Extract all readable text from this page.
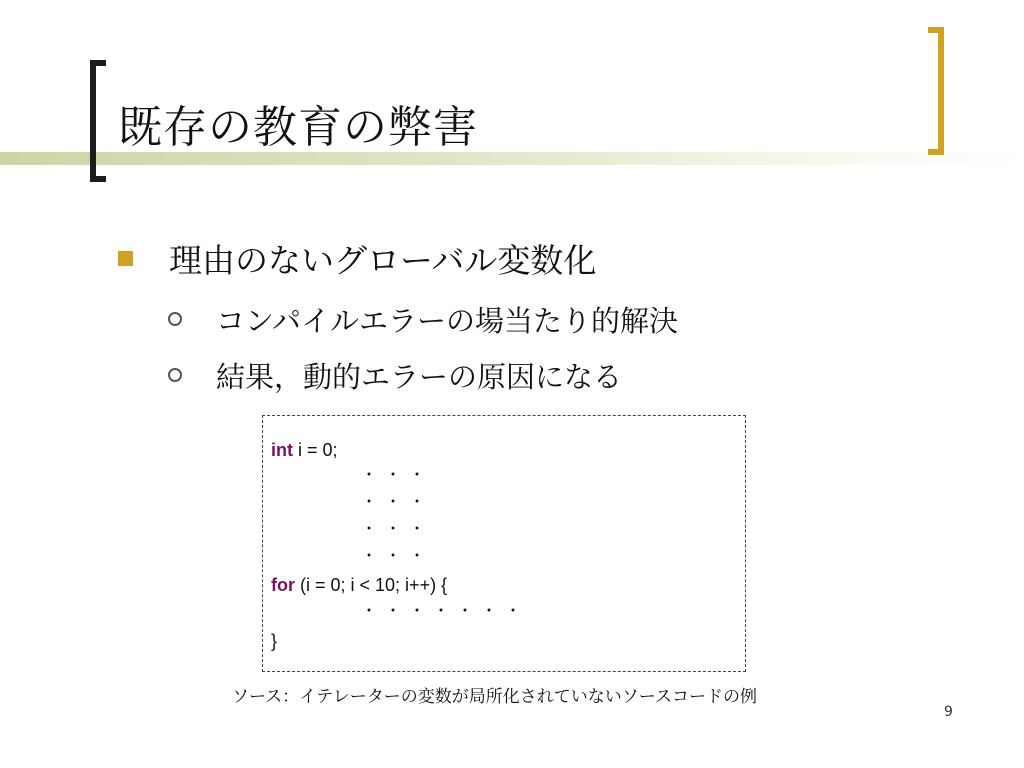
既存の教育の弊害
理由のないグローバル変数化
コンパイルエラーの場当たり的解決
結果，動的エラーの原因になる
int i = 0;
・・・
・・・
・・・
・・・
for (i = 0; i < 10; i++) {
・・・・・・・
}
ソース：イテレーターの変数が局所化されていないソースコードの例
9
